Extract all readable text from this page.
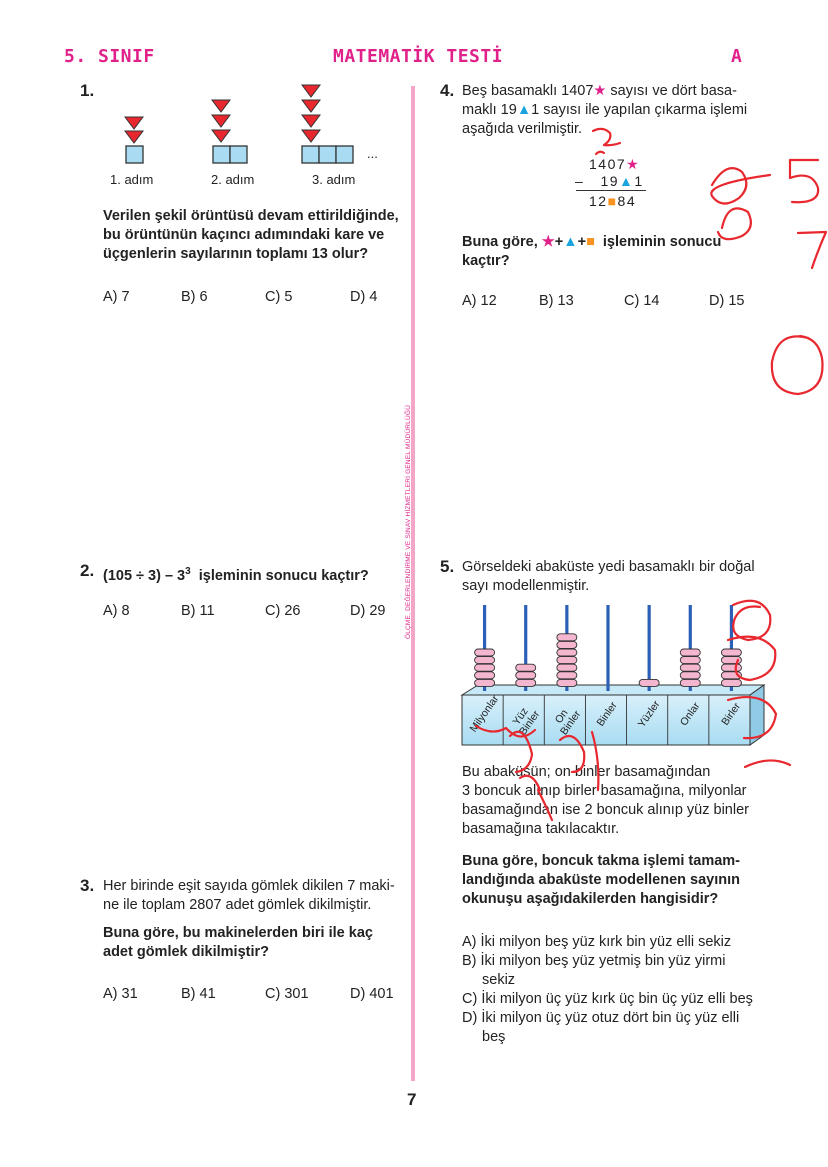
5. SINIF	MATEMATİK TESTİ	A
ÖLÇME, DEĞERLENDİRME VE SINAV HİZMETLERİ GENEL MÜDÜRLÜĞÜ
1.
...
1. adım	2. adım	3. adım
Verilen şekil örüntüsü devam ettirildiğinde,
bu örüntünün kaçıncı adımındaki kare ve
üçgenlerin sayılarının toplamı 13 olur?
A) 7	B) 6	C) 5	D) 4
2. $(105 \div 3) - 3^3$ işleminin sonucu kaçtır?
A) 8	B) 11	C) 26	D) 29
3. Her birinde eşit sayıda gömlek dikilen 7 maki-
ne ile toplam 2807 adet gömlek dikilmiştir.
Buna göre, bu makinelerden biri ile kaç
adet gömlek dikilmiştir?
A) 31	B) 41	C) 301	D) 401
4. Beş basamaklı 1407★ sayısı ve dört basa-
maklı 19▲1 sayısı ile yapılan çıkarma işlemi
aşağıda verilmiştir.
1407★
– 19▲1
12■84
Buna göre, ★+▲+■ işleminin sonucu
kaçtır?
A) 12	B) 13	C) 14	D) 15
5. Görseldeki abaküste yedi basamaklı bir doğal
sayı modellenmiştir.
Milyonlar Yüz Binler	On Binler	Binler	Yüzler	Onlar	Birler
Bu abaküsün; on binler basamağından
3 boncuk alınıp birler basamağına, milyonlar
basamağından ise 2 boncuk alınıp yüz binler
basamağına takılacaktır.
Buna göre, boncuk takma işlemi tamam-
landığında abaküste modellenen sayının
okunuşu aşağıdakilerden hangisidir?
A) İki milyon beş yüz kırk bin yüz elli sekiz
B) İki milyon beş yüz yetmiş bin yüz yirmi
sekiz
C) İki milyon üç yüz kırk üç bin üç yüz elli beş
D) İki milyon üç yüz otuz dört bin üç yüz elli
beş
7
